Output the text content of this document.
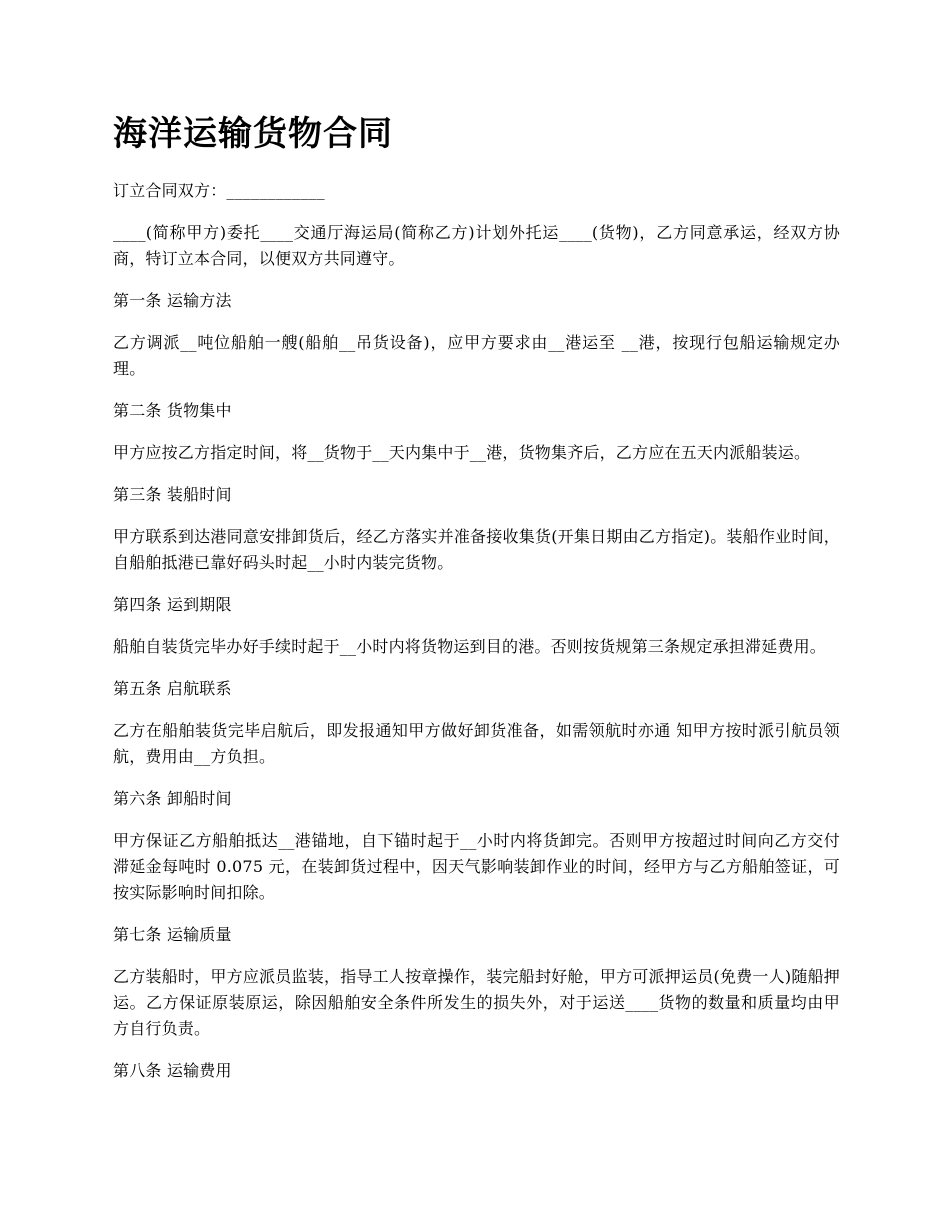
海洋运输货物合同

订立合同双方：____________

____(简称甲方)委托____交通厅海运局(简称乙方)计划外托运____(货物)，乙方同意承运，经双方协商，特订立本合同，以便双方共同遵守。

第一条 运输方法

乙方调派__吨位船舶一艘(船舶__吊货设备)，应甲方要求由__港运至 __港，按现行包船运输规定办理。

第二条 货物集中

甲方应按乙方指定时间，将__货物于__天内集中于__港，货物集齐后，乙方应在五天内派船装运。

第三条 装船时间

甲方联系到达港同意安排卸货后，经乙方落实并准备接收集货(开集日期由乙方指定)。装船作业时间，自船舶抵港已靠好码头时起__小时内装完货物。

第四条 运到期限

船舶自装货完毕办好手续时起于__小时内将货物运到目的港。否则按货规第三条规定承担滞延费用。

第五条 启航联系

乙方在船舶装货完毕启航后，即发报通知甲方做好卸货准备，如需领航时亦通 知甲方按时派引航员领航，费用由__方负担。

第六条 卸船时间

甲方保证乙方船舶抵达__港锚地，自下锚时起于__小时内将货卸完。否则甲方按超过时间向乙方交付滞延金每吨时 0.075 元，在装卸货过程中，因天气影响装卸作业的时间，经甲方与乙方船舶签证，可按实际影响时间扣除。

第七条 运输质量

乙方装船时，甲方应派员监装，指导工人按章操作，装完船封好舱，甲方可派押运员(免费一人)随船押运。乙方保证原装原运，除因船舶安全条件所发生的损失外，对于运送____货物的数量和质量均由甲方自行负责。

第八条 运输费用
